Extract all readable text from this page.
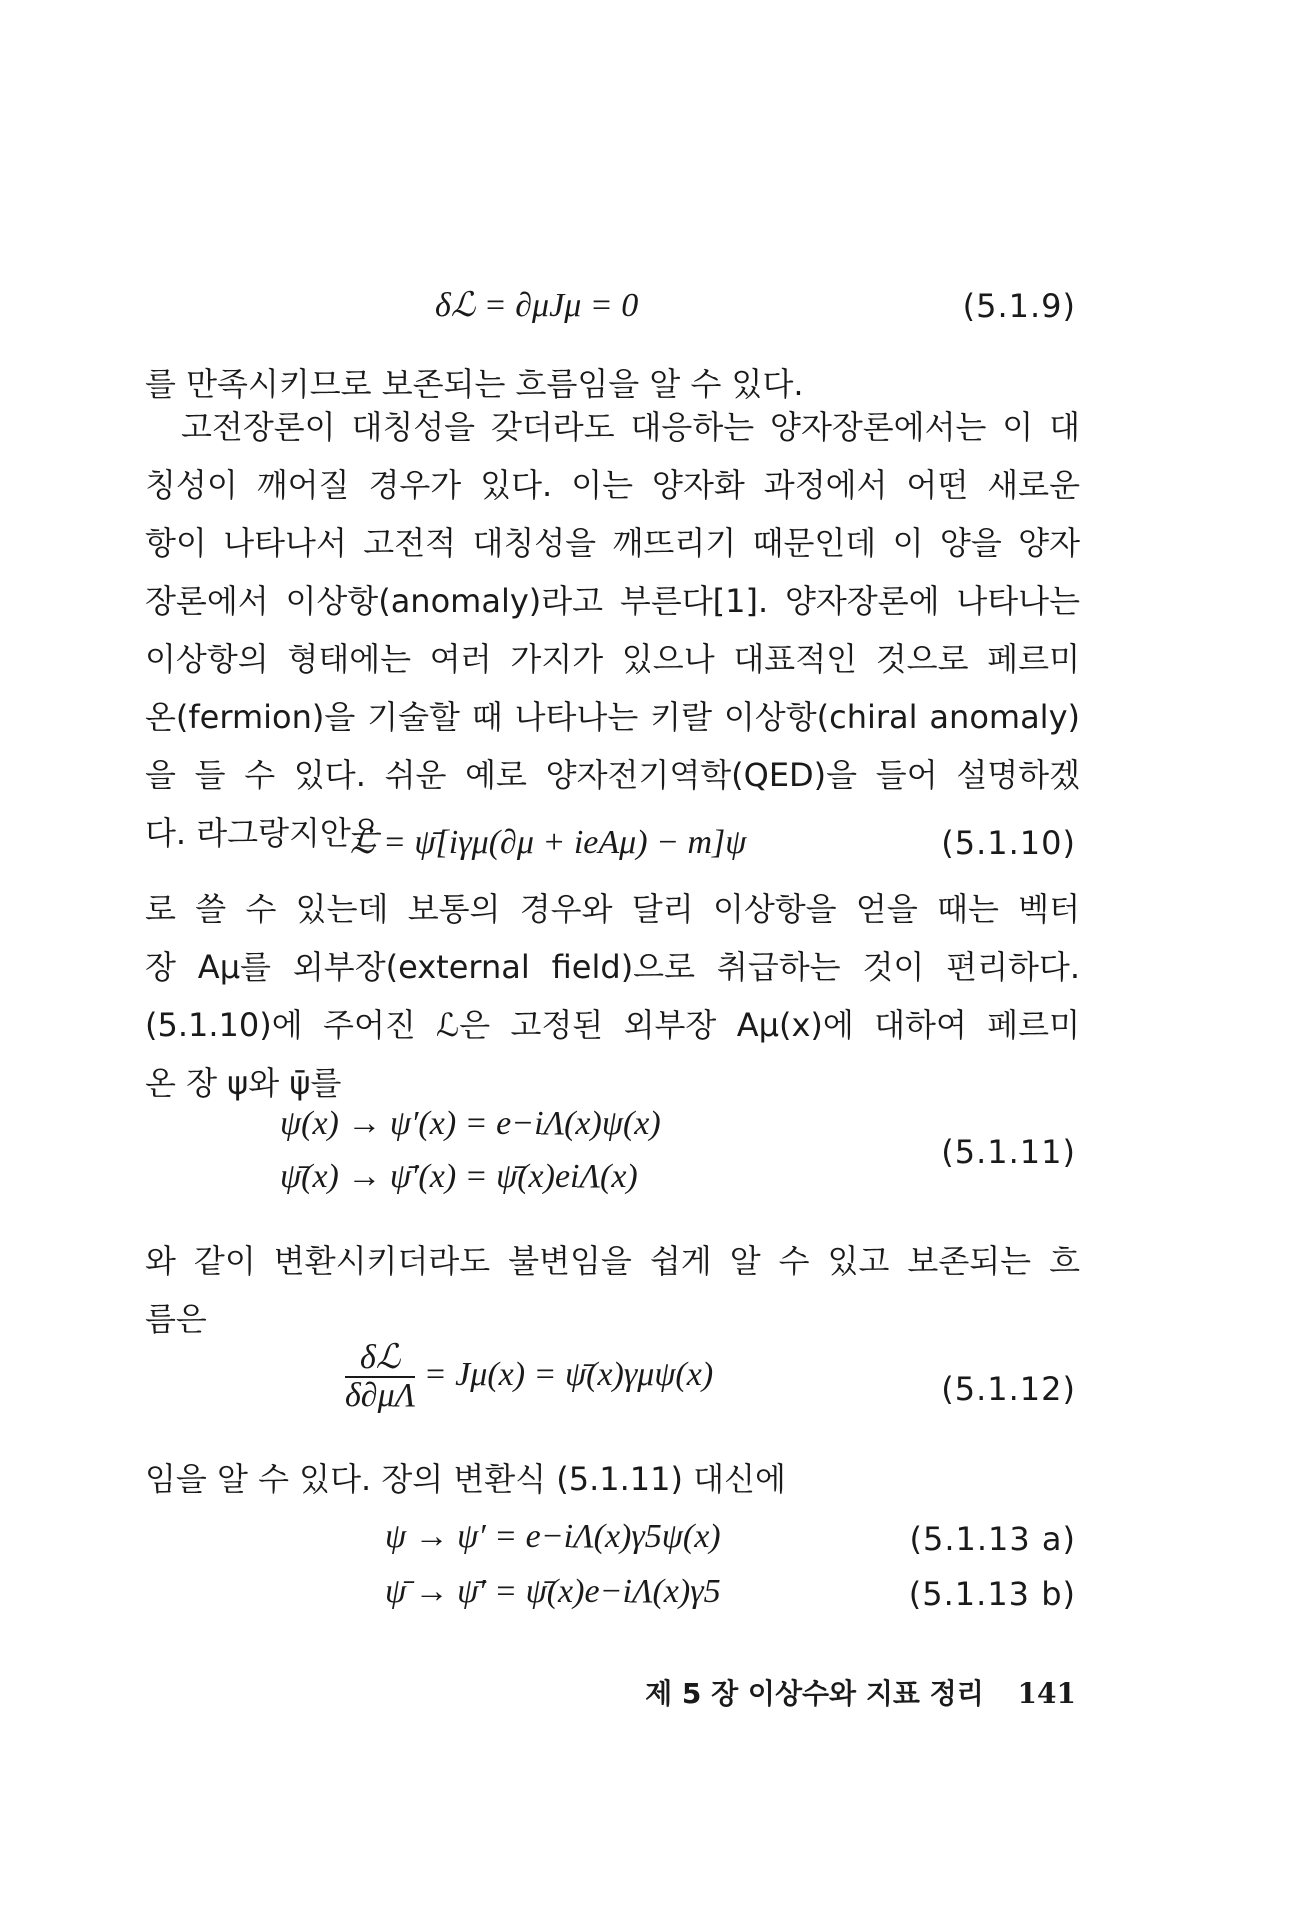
δℒ = ∂μJμ = 0	(5.1.9)
를 만족시키므로 보존되는 흐름임을 알 수 있다.
고전장론이 대칭성을 갖더라도 대응하는 양자장론에서는 이 대
칭성이 깨어질 경우가 있다. 이는 양자화 과정에서 어떤 새로운
항이 나타나서 고전적 대칭성을 깨뜨리기 때문인데 이 양을 양자
장론에서 이상항(anomaly)라고 부른다[1]. 양자장론에 나타나는
이상항의 형태에는 여러 가지가 있으나 대표적인 것으로 페르미
온(fermion)을 기술할 때 나타나는 키랄 이상항(chiral anomaly)
을 들 수 있다. 쉬운 예로 양자전기역학(QED)을 들어 설명하겠
다. 라그랑지안은
ℒ = ψ̄[iγμ(∂μ + ieAμ) − m]ψ	(5.1.10)
로 쓸 수 있는데 보통의 경우와 달리 이상항을 얻을 때는 벡터
장 Aμ를 외부장(external field)으로 취급하는 것이 편리하다.
(5.1.10)에 주어진 ℒ은 고정된 외부장 Aμ(x)에 대하여 페르미
온 장 ψ와 ψ̄를
ψ(x) → ψ′(x) = e−iΛ(x)ψ(x)
ψ̄(x) → ψ̄′(x) = ψ̄(x)eiΛ(x)
(5.1.11)
와 같이 변환시키더라도 불변임을 쉽게 알 수 있고 보존되는 흐
름은
$\frac{\text{δℒ}}{\delta\partial\mu\Lambda} = J\mu(x)$ = ψ̄(x)γμψ(x)	(5.1.12)
임을 알 수 있다. 장의 변환식 (5.1.11) 대신에
ψ → ψ′ = e−iΛ(x)γ5ψ(x)	(5.1.13 a)
ψ̄ → ψ̄′ = ψ̄(x)e−iΛ(x)γ5	(5.1.13 b)
제 5 장 이상수와 지표 정리 141
